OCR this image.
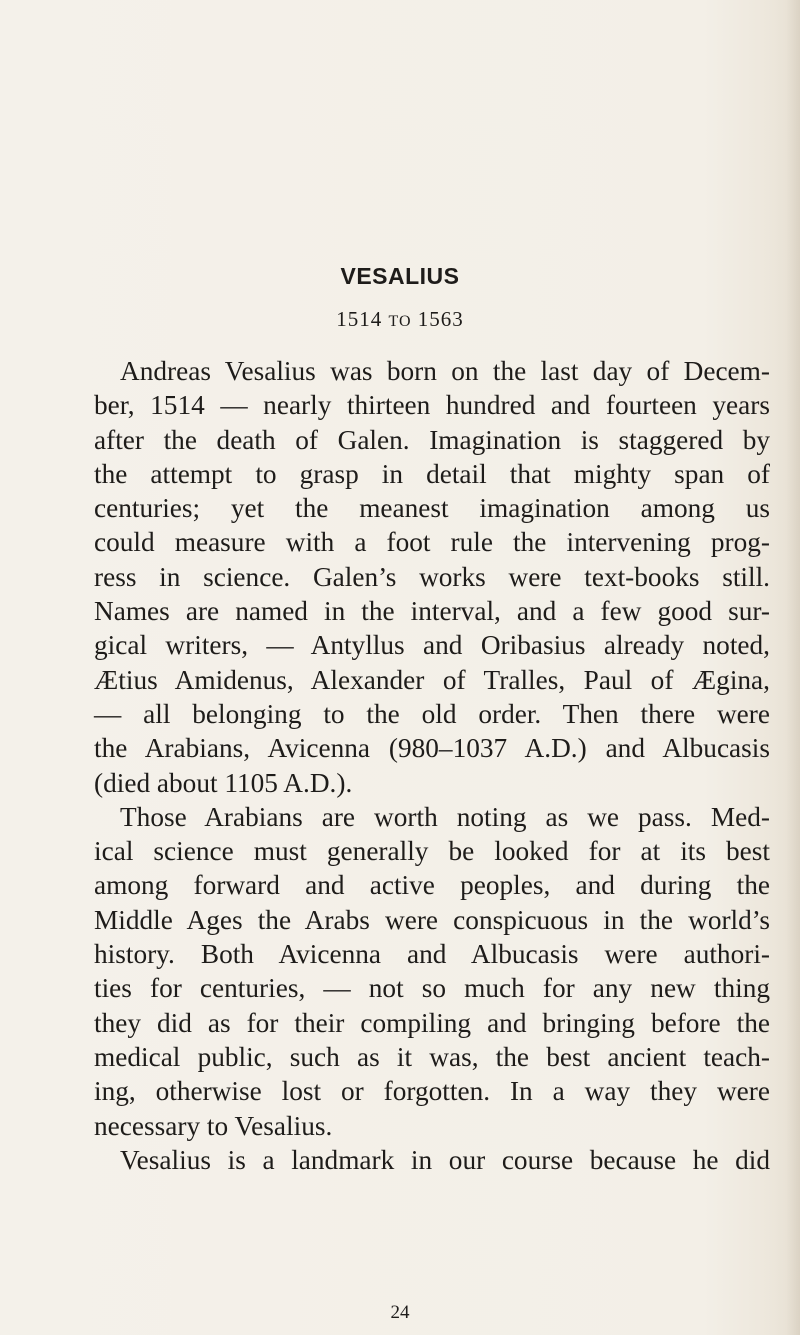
VESALIUS

1514 TO 1563

Andreas Vesalius was born on the last day of Decem-
ber, 1514 — nearly thirteen hundred and fourteen years
after the death of Galen. Imagination is staggered by
the attempt to grasp in detail that mighty span of
centuries; yet the meanest imagination among us
could measure with a foot rule the intervening prog-
ress in science. Galen’s works were text-books still.
Names are named in the interval, and a few good sur-
gical writers, — Antyllus and Oribasius already noted,
Ætius Amidenus, Alexander of Tralles, Paul of Ægina,
— all belonging to the old order. Then there were
the Arabians, Avicenna (980–1037 A.D.) and Albucasis
(died about 1105 A.D.).
Those Arabians are worth noting as we pass. Med-
ical science must generally be looked for at its best
among forward and active peoples, and during the
Middle Ages the Arabs were conspicuous in the world’s
history. Both Avicenna and Albucasis were authori-
ties for centuries, — not so much for any new thing
they did as for their compiling and bringing before the
medical public, such as it was, the best ancient teach-
ing, otherwise lost or forgotten. In a way they were
necessary to Vesalius.
Vesalius is a landmark in our course because he did

24
